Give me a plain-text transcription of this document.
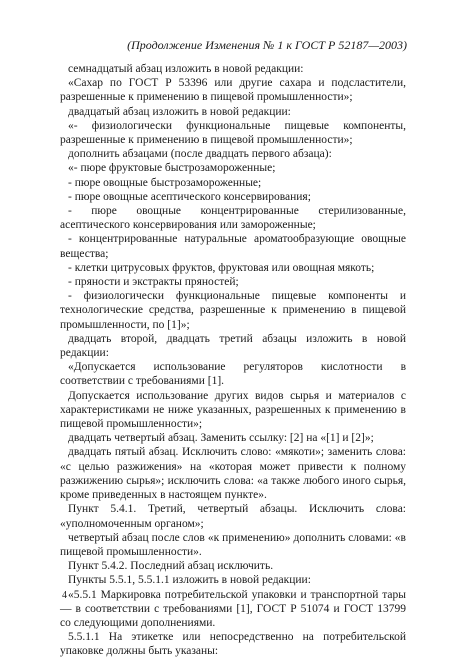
(Продолжение Изменения № 1 к ГОСТ Р 52187—2003)

семнадцатый абзац изложить в новой редакции:

«Сахар по ГОСТ Р 53396 или другие сахара и подсластители, разрешенные к применению в пищевой промышленности»;

двадцатый абзац изложить в новой редакции:

«- физиологически функциональные пищевые компоненты, разрешенные к применению в пищевой промышленности»;

дополнить абзацами (после двадцать первого абзаца):

«- пюре фруктовые быстрозамороженные;

- пюре овощные быстрозамороженные;

- пюре овощные асептического консервирования;

- пюре овощные концентрированные стерилизованные, асептического консервирования или замороженные;

- концентрированные натуральные ароматообразующие овощные вещества;

- клетки цитрусовых фруктов, фруктовая или овощная мякоть;

- пряности и экстракты пряностей;

- физиологически функциональные пищевые компоненты и технологические средства, разрешенные к применению в пищевой промышленности, по [1]»;

двадцать второй, двадцать третий абзацы изложить в новой редакции:

«Допускается использование регуляторов кислотности в соответствии с требованиями [1].

Допускается использование других видов сырья и материалов с характеристиками не ниже указанных, разрешенных к применению в пищевой промышленности»;

двадцать четвертый абзац. Заменить ссылку: [2] на «[1] и [2]»;

двадцать пятый абзац. Исключить слово: «мякоти»; заменить слова: «с целью разжижения» на «которая может привести к полному разжижению сырья»; исключить слова: «а также любого иного сырья, кроме приведенных в настоящем пункте».

Пункт 5.4.1. Третий, четвертый абзацы. Исключить слова: «уполномоченным органом»;

четвертый абзац после слов «к применению» дополнить словами: «в пищевой промышленности».

Пункт 5.4.2. Последний абзац исключить.

Пункты 5.5.1, 5.5.1.1 изложить в новой редакции:

«5.5.1 Маркировка потребительской упаковки и транспортной тары — в соответствии с требованиями [1], ГОСТ Р 51074 и ГОСТ 13799 со следующими дополнениями.

5.5.1.1 На этикетке или непосредственно на потребительской упаковке должны быть указаны:

4
